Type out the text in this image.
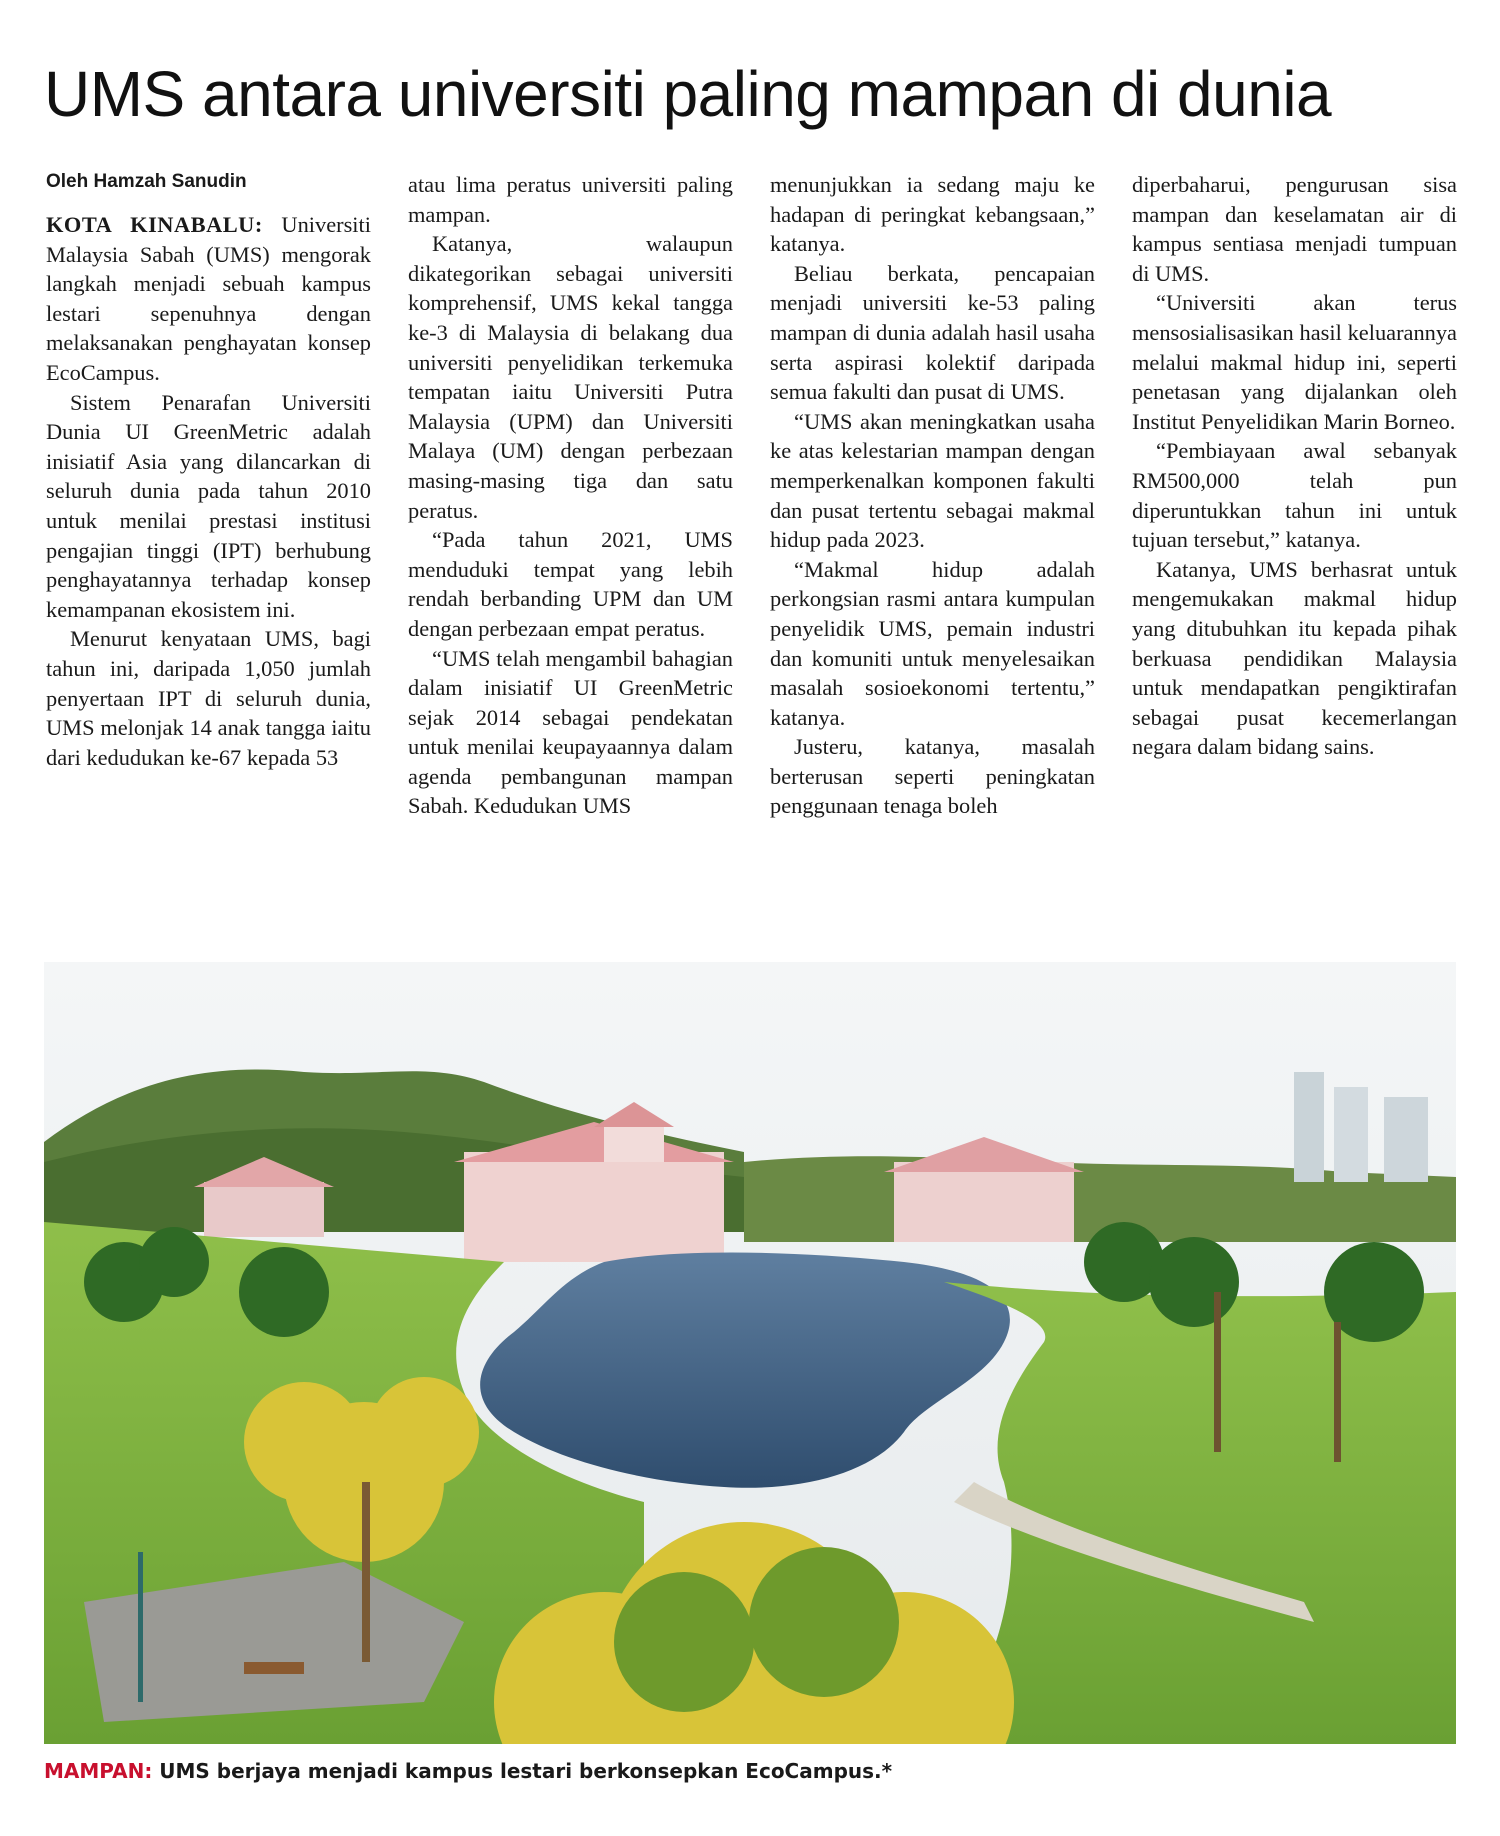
UMS antara universiti paling mampan di dunia
Oleh Hamzah Sanudin

KOTA KINABALU: Universiti Malaysia Sabah (UMS) mengorak langkah menjadi sebuah kampus lestari sepenuhnya dengan melaksanakan penghayatan konsep EcoCampus.

Sistem Penarafan Universiti Dunia UI GreenMetric adalah inisiatif Asia yang dilancarkan di seluruh dunia pada tahun 2010 untuk menilai prestasi institusi pengajian tinggi (IPT) berhubung penghayatannya terhadap konsep kemampanan ekosistem ini.

Menurut kenyataan UMS, bagi tahun ini, daripada 1,050 jumlah penyertaan IPT di seluruh dunia, UMS melonjak 14 anak tangga iaitu dari kedudukan ke-67 kepada 53

atau lima peratus universiti paling mampan.

Katanya, walaupun dikategorikan sebagai universiti komprehensif, UMS kekal tangga ke-3 di Malaysia di belakang dua universiti penyelidikan terkemuka tempatan iaitu Universiti Putra Malaysia (UPM) dan Universiti Malaya (UM) dengan perbezaan masing-masing tiga dan satu peratus.

“Pada tahun 2021, UMS menduduki tempat yang lebih rendah berbanding UPM dan UM dengan perbezaan empat peratus.

“UMS telah mengambil bahagian dalam inisiatif UI GreenMetric sejak 2014 sebagai pendekatan untuk menilai keupayaannya dalam agenda pembangunan mampan Sabah. Kedudukan UMS

menunjukkan ia sedang maju ke hadapan di peringkat kebangsaan,” katanya.

Beliau berkata, pencapaian menjadi universiti ke-53 paling mampan di dunia adalah hasil usaha serta aspirasi kolektif daripada semua fakulti dan pusat di UMS.

“UMS akan meningkatkan usaha ke atas kelestarian mampan dengan memperkenalkan komponen fakulti dan pusat tertentu sebagai makmal hidup pada 2023.

“Makmal hidup adalah perkongsian rasmi antara kumpulan penyelidik UMS, pemain industri dan komuniti untuk menyelesaikan masalah sosioekonomi tertentu,” katanya.

Justeru, katanya, masalah berterusan seperti peningkatan penggunaan tenaga boleh

diperbaharui, pengurusan sisa mampan dan keselamatan air di kampus sentiasa menjadi tumpuan di UMS.

“Universiti akan terus mensosialisasikan hasil keluarannya melalui makmal hidup ini, seperti penetasan yang dijalankan oleh Institut Penyelidikan Marin Borneo.

“Pembiayaan awal sebanyak RM500,000 telah pun diperuntukkan tahun ini untuk tujuan tersebut,” katanya.

Katanya, UMS berhasrat untuk mengemukakan makmal hidup yang ditubuhkan itu kepada pihak berkuasa pendidikan Malaysia untuk mendapatkan pengiktirafan sebagai pusat kecemerlangan negara dalam bidang sains.

MAMPAN: UMS berjaya menjadi kampus lestari berkonsepkan EcoCampus.*
